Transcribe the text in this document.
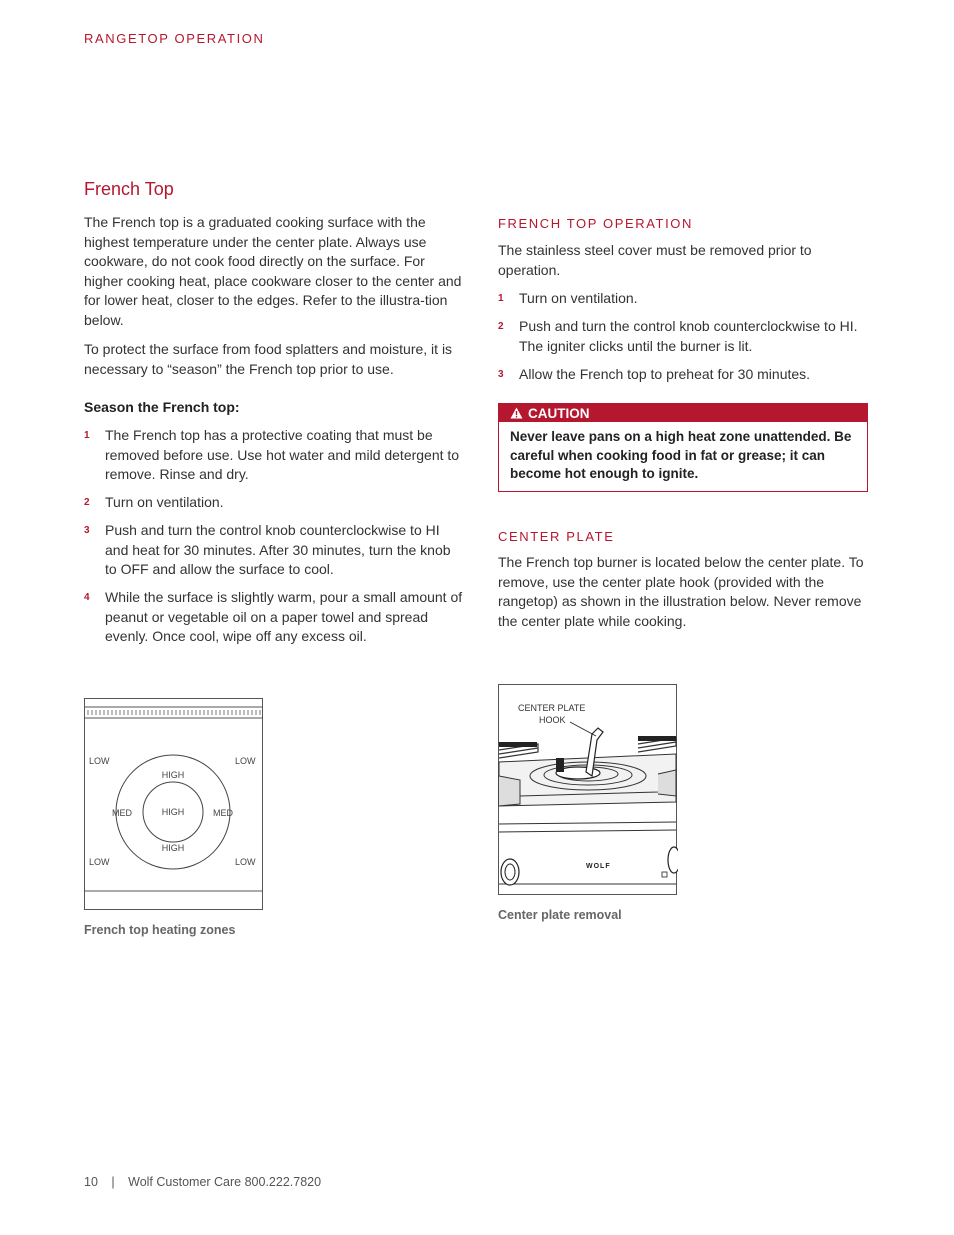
RANGETOP OPERATION
French Top

The French top is a graduated cooking surface with the highest temperature under the center plate. Always use cookware, do not cook food directly on the surface. For higher cooking heat, place cookware closer to the center and for lower heat, closer to the edges. Refer to the illustra-tion below.

To protect the surface from food splatters and moisture, it is necessary to “season” the French top prior to use.

Season the French top:
1	The French top has a protective coating that must be removed before use. Use hot water and mild detergent to remove. Rinse and dry.
2	Turn on ventilation.
3	Push and turn the control knob counterclockwise to HI and heat for 30 minutes. After 30 minutes, turn the knob to OFF and allow the surface to cool.
4	While the surface is slightly warm, pour a small amount of peanut or vegetable oil on a paper towel and spread evenly. Once cool, wipe off any excess oil.
LOW	LOW
LOW	LOW
MED	MED
HIGH
HIGH
HIGH
French top heating zones
FRENCH TOP OPERATION

The stainless steel cover must be removed prior to operation.

1	Turn on ventilation.
2	Push and turn the control knob counterclockwise to HI. The igniter clicks until the burner is lit.
3	Allow the French top to preheat for 30 minutes.
CAUTION
Never leave pans on a high heat zone unattended. Be careful when cooking food in fat or grease; it can become hot enough to ignite.
CENTER PLATE

The French top burner is located below the center plate. To remove, use the center plate hook (provided with the rangetop) as shown in the illustration below. Never remove the center plate while cooking.

WOLF
CENTER PLATE
HOOK
Center plate removal
10 | Wolf Customer Care 800.222.7820
